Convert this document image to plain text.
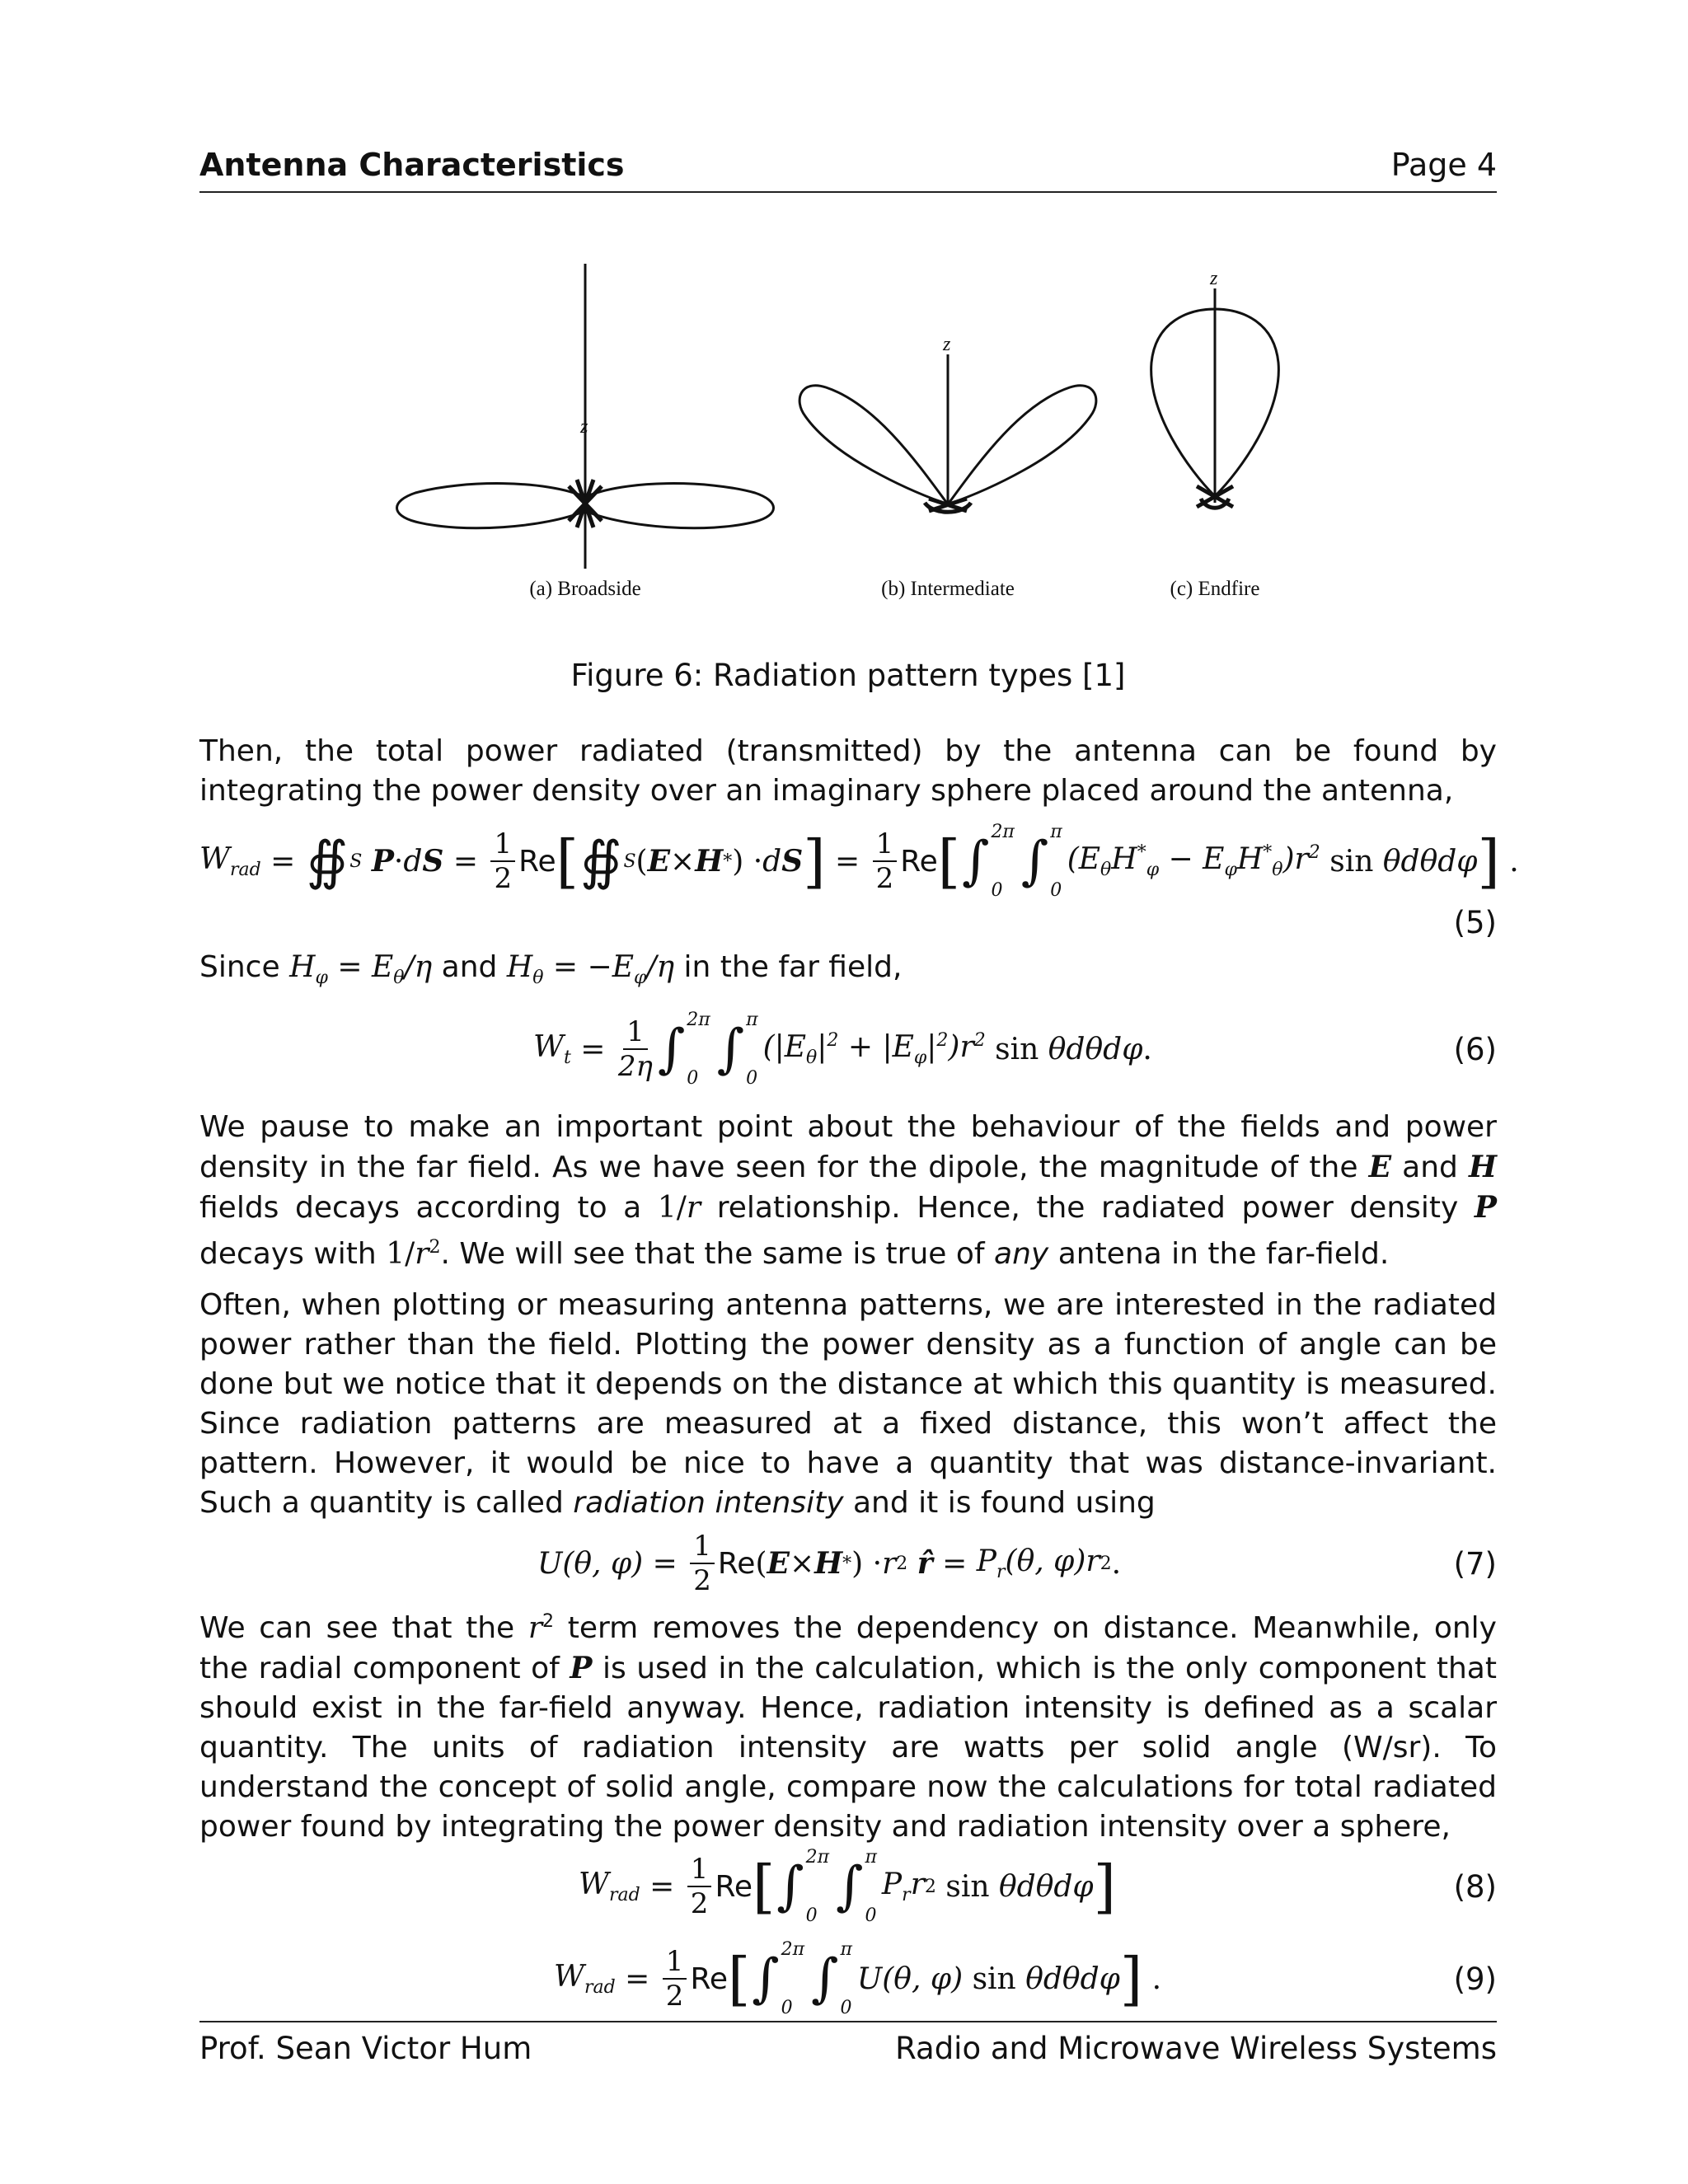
Antenna Characteristics	Page 4
z
(a) Broadside
z
(b) Intermediate
z
(c) Endfire
Figure 6: Radiation pattern types [1]
Then, the total power radiated (transmitted) by the antenna can be found by integrating the power density over an imaginary sphere placed around the antenna,
$W_{rad}$ = ∯ S
P · d $S = \frac{1}{2}$ Re [ ∯ S ( E × H * ) · d S ] = $\frac{1}{2}$ Re [ ∫ 2π
0 ∫ π
0
$(E_\theta H^*_\varphi - E_\varphi H^*_\theta)r^2$ sin θdθdφ ] .
(5)
Since $H_\varphi = E_\theta/\eta$ and $H_\theta = -E_\varphi/\eta$ in the far field,
$W_t = \frac{1}{2\eta}$ ∫ 2π
0 ∫ π
0
$(|E_\theta|^2 + |E_\varphi|^2)r^2$ sin θdθdφ .	(6)
We pause to make an important point about the behaviour of the fields and power density in the far field. As we have seen for the dipole, the magnitude of the E and H fields decays according to a 1/r relationship. Hence, the radiated power density P decays with $1/r^2$. We will see that the same is true of any antena in the far-field.
Often, when plotting or measuring antenna patterns, we are interested in the radiated power rather than the field. Plotting the power density as a function of angle can be done but we notice that it depends on the distance at which this quantity is measured. Since radiation patterns are measured at a fixed distance, this won’t affect the pattern. However, it would be nice to have a quantity that was distance-invariant. Such a quantity is called radiation intensity and it is found using
U(θ, $\varphi) = \frac{1}{2}$ Re ( E × H * ) · r 2
r̂ = $P_r(\theta$, φ)r 2 .	(7)
We can see that the $r^2$ term removes the dependency on distance. Meanwhile, only the radial component of P is used in the calculation, which is the only component that should exist in the far-field anyway. Hence, radiation intensity is defined as a scalar quantity. The units of radiation intensity are watts per solid angle (W/sr). To understand the concept of solid angle, compare now the calculations for total radiated power found by integrating the power density and radiation intensity over a sphere,
$W_{rad} = \frac{1}{2}$ Re [ ∫ 2π
0 ∫ π
0
$P_rr$ 2 sin θdθdφ ]	(8)
$W_{rad} = \frac{1}{2}$ Re [ ∫ 2π
0 ∫ π
0
U(θ, φ) sin θdθdφ ] .	(9)
Prof. Sean Victor Hum	Radio and Microwave Wireless Systems
